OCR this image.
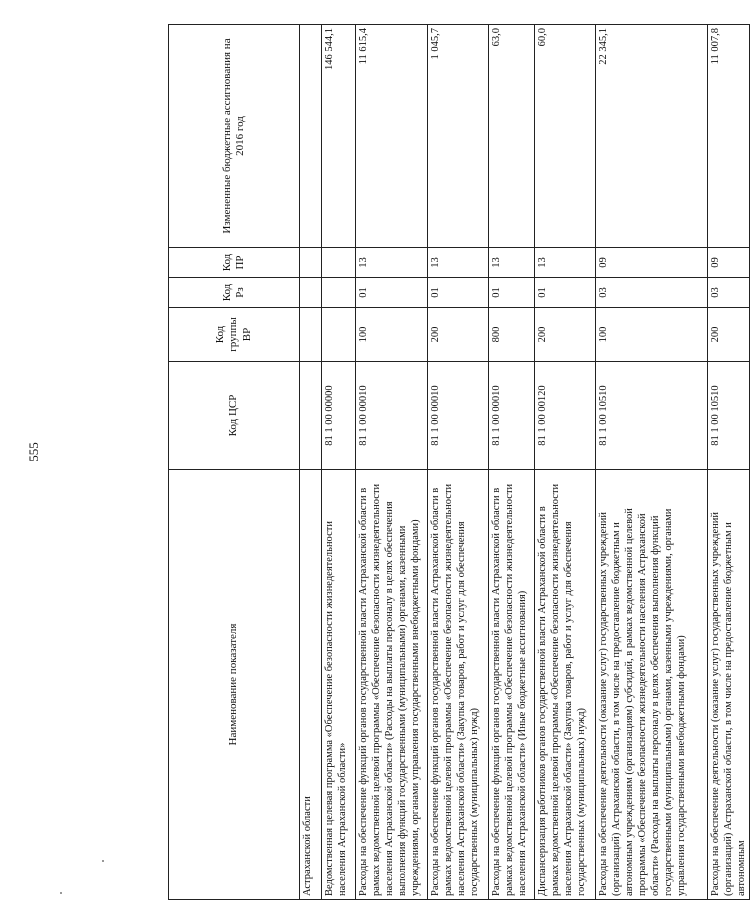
555
Наименование показателя	Код ЦСР	Код группы ВР	Код Рз	Код ПР	Измененные бюджетные ассигнования на 2016 год
Астраханской области					
Ведомственная целевая программа «Обеспечение безопасности жизнедеятельности населения Астраханской области»	81 1 00 00000				146 544,1
Расходы на обеспечение функций органов государственной власти Астраханской области в рамках ведомственной целевой программы «Обеспечение безопасности жизнедеятельности населения Астраханской области» (Расходы на выплаты персоналу в целях обеспечения выполнения функций государственными (муниципальными) органами, казенными учреждениями, органами управления государственными внебюджетными фондами)	81 1 00 00010	100	01	13	11 615,4
Расходы на обеспечение функций органов государственной власти Астраханской области в рамках ведомственной целевой программы «Обеспечение безопасности жизнедеятельности населения Астраханской области» (Закупка товаров, работ и услуг для обеспечения государственных (муниципальных) нужд)	81 1 00 00010	200	01	13	1 045,7
Расходы на обеспечение функций органов государственной власти Астраханской области в рамках ведомственной целевой программы «Обеспечение безопасности жизнедеятельности населения Астраханской области» (Иные бюджетные ассигнования)	81 1 00 00010	800	01	13	63,0
Диспансеризация работников органов государственной власти Астраханской области в рамках ведомственной целевой программы «Обеспечение безопасности жизнедеятельности населения Астраханской области» (Закупка товаров, работ и услуг для обеспечения государственных (муниципальных) нужд)	81 1 00 00120	200	01	13	60,0
Расходы на обеспечение деятельности (оказание услуг) государственных учреждений (организаций) Астраханской области, в том числе на предоставление бюджетным и автономным учреждениям (организациям) субсидий, в рамках ведомственной целевой программы «Обеспечение безопасности жизнедеятельности населения Астраханской области» (Расходы на выплаты персоналу в целях обеспечения выполнения функций государственными (муниципальными) органами, казенными учреждениями, органами управления государственными внебюджетными фондами)	81 1 00 10510	100	03	09	22 345,1
Расходы на обеспечение деятельности (оказание услуг) государственных учреждений (организаций) Астраханской области, в том числе на предоставление бюджетным и автономным	81 1 00 10510	200	03	09	11 007,8
